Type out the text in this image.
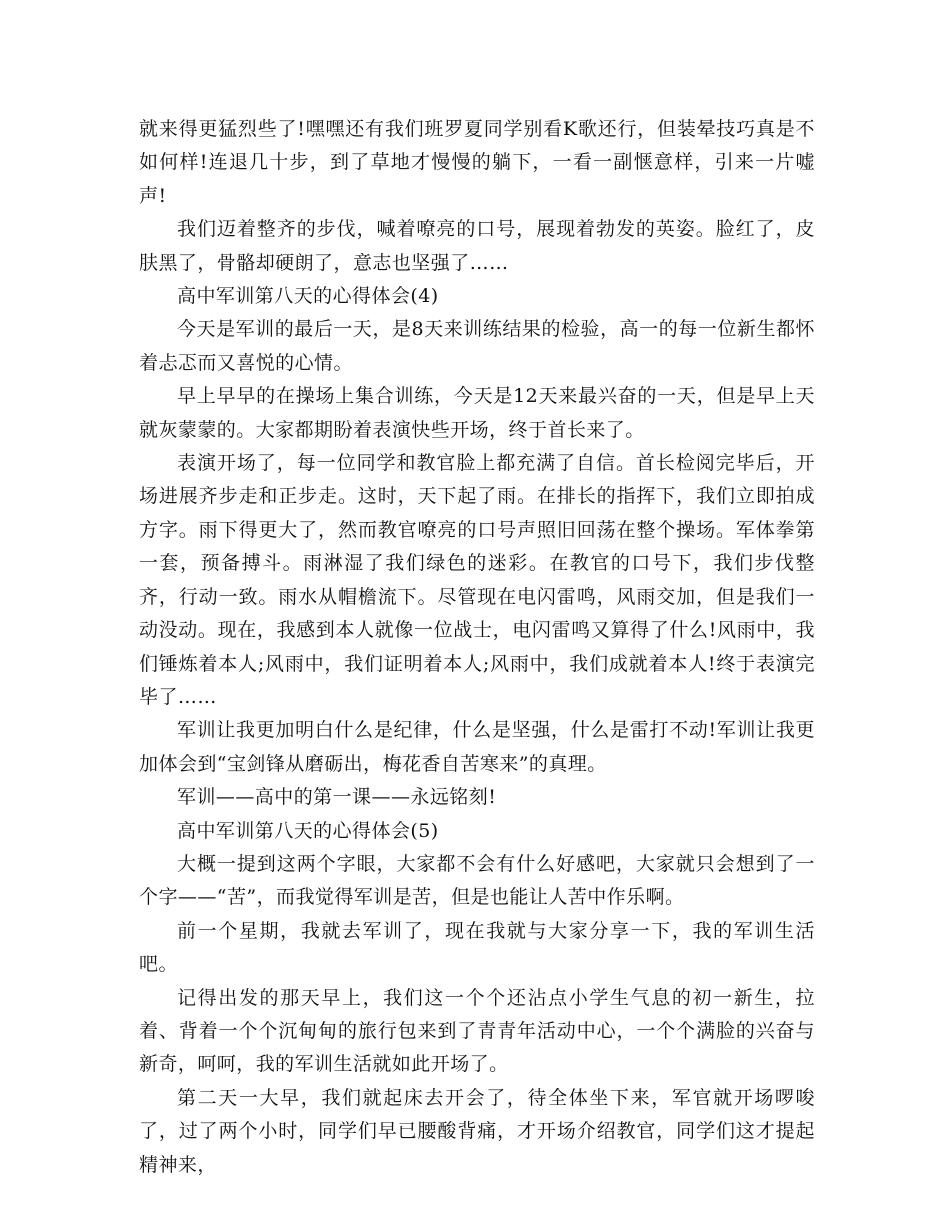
就来得更猛烈些了!嘿嘿还有我们班罗夏同学别看K歌还行，但装晕技巧真是不如何样!连退几十步，到了草地才慢慢的躺下，一看一副惬意样，引来一片嘘声!

我们迈着整齐的步伐，喊着嘹亮的口号，展现着勃发的英姿。脸红了，皮肤黑了，骨骼却硬朗了，意志也坚强了……

高中军训第八天的心得体会(4)

今天是军训的最后一天，是8天来训练结果的检验，高一的每一位新生都怀着忐忑而又喜悦的心情。

早上早早的在操场上集合训练，今天是12天来最兴奋的一天，但是早上天就灰蒙蒙的。大家都期盼着表演快些开场，终于首长来了。

表演开场了，每一位同学和教官脸上都充满了自信。首长检阅完毕后，开场进展齐步走和正步走。这时，天下起了雨。在排长的指挥下，我们立即拍成方字。雨下得更大了，然而教官嘹亮的口号声照旧回荡在整个操场。军体拳第一套，预备搏斗。雨淋湿了我们绿色的迷彩。在教官的口号下，我们步伐整齐，行动一致。雨水从帽檐流下。尽管现在电闪雷鸣，风雨交加，但是我们一动没动。现在，我感到本人就像一位战士，电闪雷鸣又算得了什么!风雨中，我们锤炼着本人;风雨中，我们证明着本人;风雨中，我们成就着本人!终于表演完毕了……

军训让我更加明白什么是纪律，什么是坚强，什么是雷打不动!军训让我更加体会到“宝剑锋从磨砺出，梅花香自苦寒来”的真理。

军训——高中的第一课——永远铭刻!

高中军训第八天的心得体会(5)

大概一提到这两个字眼，大家都不会有什么好感吧，大家就只会想到了一个字——“苦”，而我觉得军训是苦，但是也能让人苦中作乐啊。

前一个星期，我就去军训了，现在我就与大家分享一下，我的军训生活吧。

记得出发的那天早上，我们这一个个还沾点小学生气息的初一新生，拉着、背着一个个沉甸甸的旅行包来到了青青年活动中心，一个个满脸的兴奋与新奇，呵呵，我的军训生活就如此开场了。

第二天一大早，我们就起床去开会了，待全体坐下来，军官就开场啰唆了，过了两个小时，同学们早已腰酸背痛，才开场介绍教官，同学们这才提起精神来，
